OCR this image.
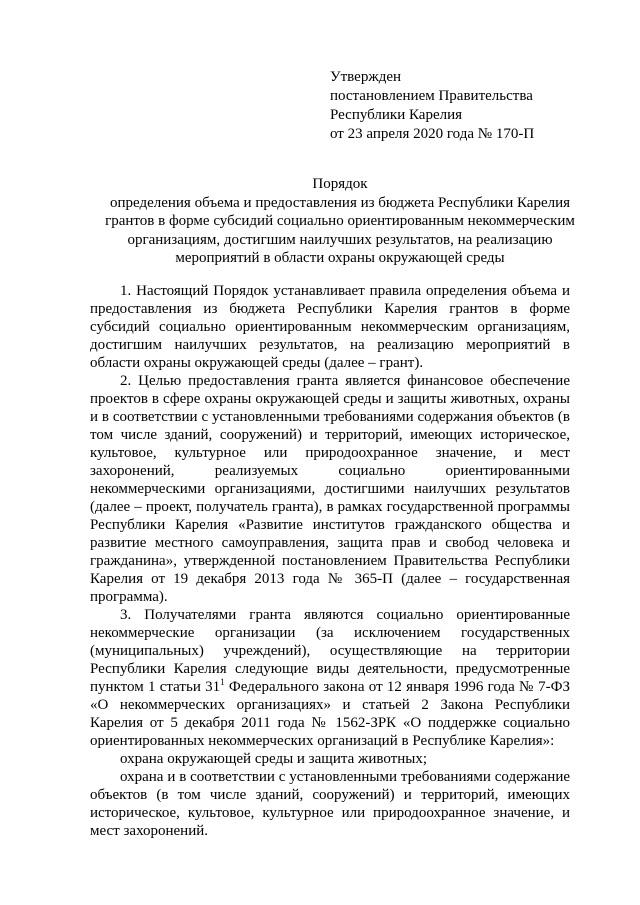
Утвержден
постановлением Правительства
Республики Карелия
от 23 апреля 2020 года № 170-П
Порядок
определения объема и предоставления из бюджета Республики Карелия
грантов в форме субсидий социально ориентированным некоммерческим
организациям, достигшим наилучших результатов, на реализацию
мероприятий в области охраны окружающей среды

1. Настоящий Порядок устанавливает правила определения объема и предоставления из бюджета Республики Карелия грантов в форме субсидий социально ориентированным некоммерческим организациям, достигшим наилучших результатов, на реализацию мероприятий в области охраны окружающей среды (далее – грант).

2. Целью предоставления гранта является финансовое обеспечение проектов в сфере охраны окружающей среды и защиты животных, охраны и в соответствии с установленными требованиями содержания объектов (в том числе зданий, сооружений) и территорий, имеющих историческое, культовое, культурное или природоохранное значение, и мест захоронений, реализуемых социально ориентированными некоммерческими организациями, достигшими наилучших результатов (далее – проект, получатель гранта), в рамках государственной программы Республики Карелия «Развитие институтов гражданского общества и развитие местного самоуправления, защита прав и свобод человека и гражданина», утвержденной постановлением Правительства Республики Карелия от 19 декабря 2013 года № 365-П (далее – государственная программа).

3. Получателями гранта являются социально ориентированные некоммерческие организации (за исключением государственных (муниципальных) учреждений), осуществляющие на территории Республики Карелия следующие виды деятельности, предусмотренные пунктом 1 статьи $31^1$ Федерального закона от 12 января 1996 года № 7-ФЗ «О некоммерческих организациях» и статьей 2 Закона Республики Карелия от 5 декабря 2011 года № 1562-ЗРК «О поддержке социально ориентированных некоммерческих организаций в Республике Карелия»:

охрана окружающей среды и защита животных;

охрана и в соответствии с установленными требованиями содержание объектов (в том числе зданий, сооружений) и территорий, имеющих историческое, культовое, культурное или природоохранное значение, и мест захоронений.
